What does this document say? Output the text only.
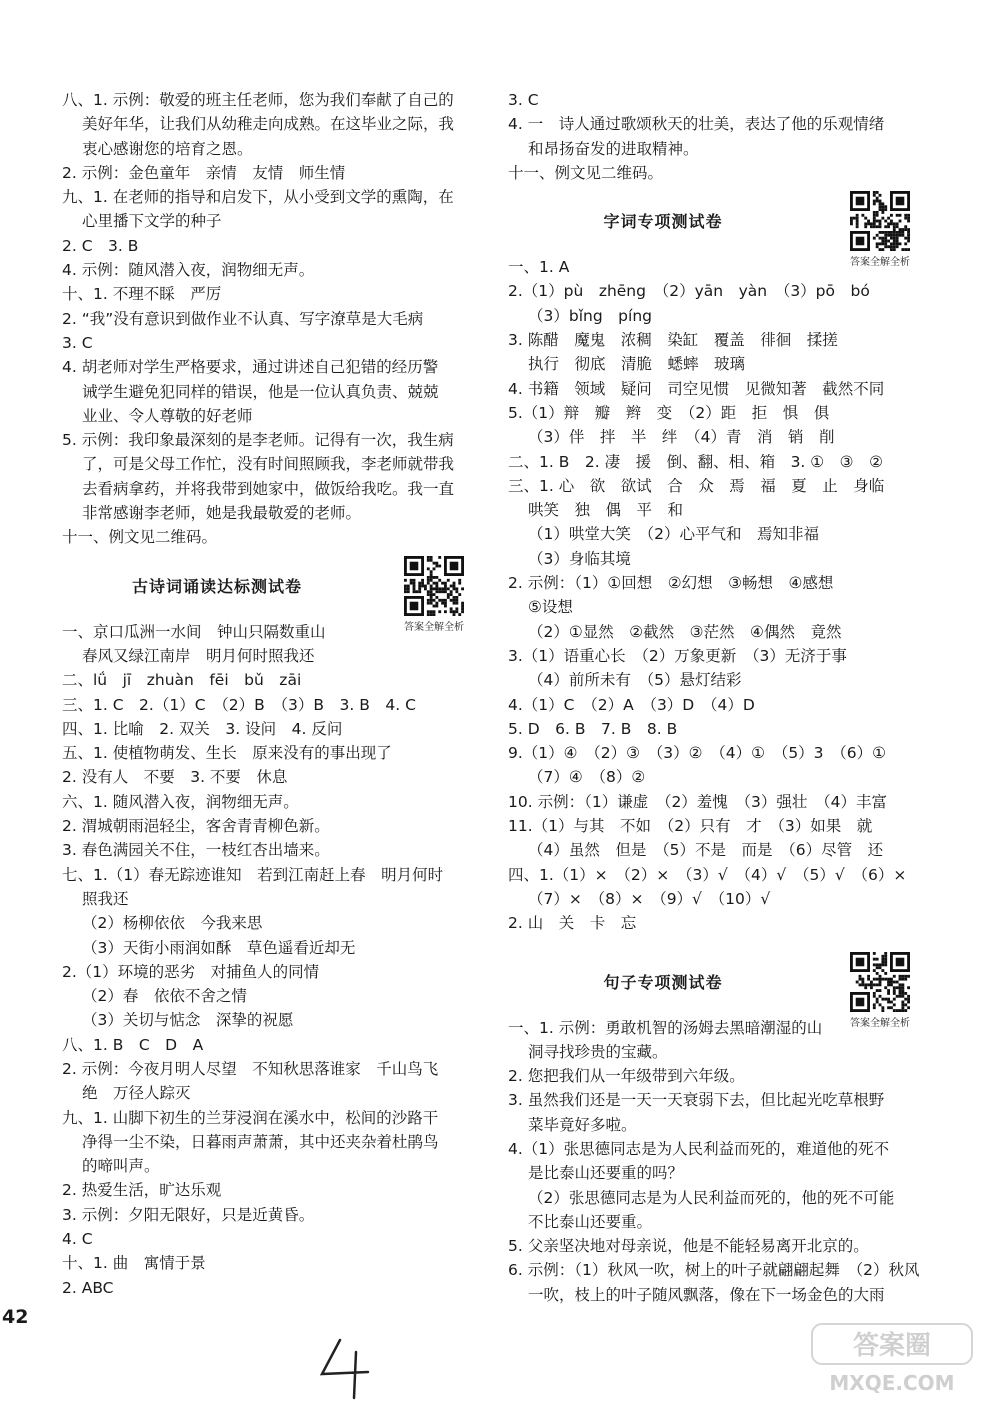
八、1. 示例：敬爱的班主任老师，您为我们奉献了自己的
美好年华，让我们从幼稚走向成熟。在这毕业之际，我
衷心感谢您的培育之恩。
2. 示例：金色童年　亲情　友情　师生情
九、1. 在老师的指导和启发下，从小受到文学的熏陶，在
心里播下文学的种子
2. C　3. B
4. 示例：随风潜入夜，润物细无声。
十、1. 不理不睬　严厉
2. “我”没有意识到做作业不认真、写字潦草是大毛病
3. C
4. 胡老师对学生严格要求，通过讲述自己犯错的经历警
诫学生避免犯同样的错误，他是一位认真负责、兢兢
业业、令人尊敬的好老师
5. 示例：我印象最深刻的是李老师。记得有一次，我生病
了，可是父母工作忙，没有时间照顾我，李老师就带我
去看病拿药，并将我带到她家中，做饭给我吃。我一直
非常感谢李老师，她是我最敬爱的老师。
十一、例文见二维码。
古诗词诵读达标测试卷
答案全解全析
一、京口瓜洲一水间　钟山只隔数重山
春风又绿江南岸　明月何时照我还
二、lǘ　jī　zhuàn　fēi　bǔ　zāi
三、1. C　2.（1）C　（2）B　（3）B　3. B　4. C
四、1. 比喻　2. 双关　3. 设问　4. 反问
五、1. 使植物萌发、生长　原来没有的事出现了
2. 没有人　不要　3. 不要　休息
六、1. 随风潜入夜，润物细无声。
2. 渭城朝雨浥轻尘，客舍青青柳色新。
3. 春色满园关不住，一枝红杏出墙来。
七、1.（1）春无踪迹谁知　若到江南赶上春　明月何时
照我还
（2）杨柳依依　今我来思
（3）天街小雨润如酥　草色遥看近却无
2.（1）环境的恶劣　对捕鱼人的同情
（2）春　依依不舍之情
（3）关切与惦念　深挚的祝愿
八、1. B　C　D　A
2. 示例：今夜月明人尽望　不知秋思落谁家　千山鸟飞
绝　万径人踪灭
九、1. 山脚下初生的兰芽浸润在溪水中，松间的沙路干
净得一尘不染，日暮雨声萧萧，其中还夹杂着杜鹃鸟
的啼叫声。
2. 热爱生活，旷达乐观
3. 示例：夕阳无限好，只是近黄昏。
4. C
十、1. 曲　寓情于景
2. ABC
3. C
4. 一　诗人通过歌颂秋天的壮美，表达了他的乐观情绪
和昂扬奋发的进取精神。
十一、例文见二维码。
字词专项测试卷
答案全解全析
一、1. A
2.（1）pù　zhēng　（2）yān　yàn　（3）pō　bó
（3）bǐng　píng
3. 陈醋　魔鬼　浓稠　染缸　覆盖　徘徊　揉搓
执行　彻底　清脆　蟋蟀　玻璃
4. 书籍　领域　疑问　司空见惯　见微知著　截然不同
5.（1）辩　瓣　辫　变　（2）距　拒　惧　俱
（3）伴　拌　半　绊　（4）青　消　销　削
二、1. B　2. 凄　援　倒、翻、相、箱　3. ①　③　②
三、1. 心　欲　欲试　合　众　焉　福　夏　止　身临
哄笑　独　偶　平　和
（1）哄堂大笑　（2）心平气和　焉知非福
（3）身临其境
2. 示例：（1）①回想　②幻想　③畅想　④感想
⑤设想
（2）①显然　②截然　③茫然　④偶然　竟然
3.（1）语重心长　（2）万象更新　（3）无济于事
（4）前所未有　（5）悬灯结彩
4.（1）C　（2）A　（3）D　（4）D
5. D　6. B　7. B　8. B
9.（1）④　（2）③　（3）②　（4）①　（5）3　（6）①
（7）④　（8）②
10. 示例：（1）谦虚　（2）羞愧　（3）强壮　（4）丰富
11.（1）与其　不如　（2）只有　才　（3）如果　就
（4）虽然　但是　（5）不是　而是　（6）尽管　还
四、1.（1）×　（2）×　（3）√　（4）√　（5）√　（6）×
（7）×　（8）×　（9）√　（10）√
2. 山　关　卡　忘
句子专项测试卷
答案全解全析
一、1. 示例：勇敢机智的汤姆去黑暗潮湿的山
洞寻找珍贵的宝藏。
2. 您把我们从一年级带到六年级。
3. 虽然我们还是一天一天衰弱下去，但比起光吃草根野
菜毕竟好多啦。
4.（1）张思德同志是为人民利益而死的，难道他的死不
是比泰山还要重的吗？
（2）张思德同志是为人民利益而死的，他的死不可能
不比泰山还要重。
5. 父亲坚决地对母亲说，他是不能轻易离开北京的。
6. 示例：（1）秋风一吹，树上的叶子就翩翩起舞　（2）秋风
一吹，枝上的叶子随风飘落，像在下一场金色的大雨
42
答案圈
MXQE.COM
